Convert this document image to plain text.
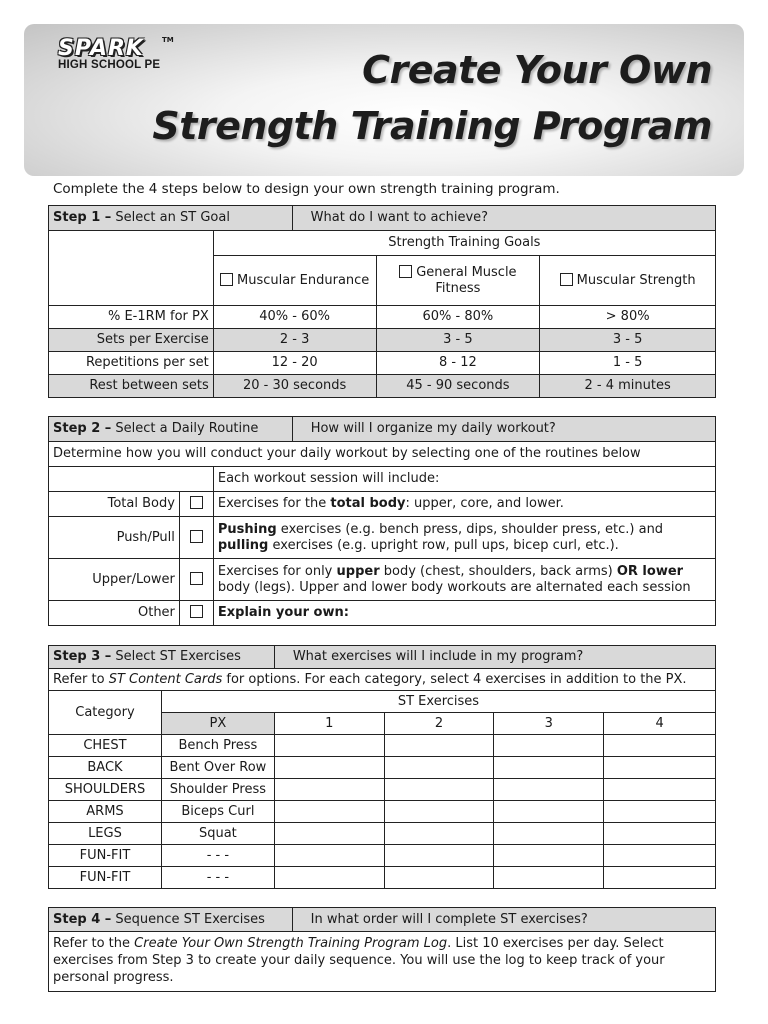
SPARK	TM
HIGH SCHOOL PE	Create Your Own
Strength Training Program
Complete the 4 steps below to design your own strength training program.
Step 1 – Select an ST Goal		What do I want to achieve?		
	Strength Training Goals			
	Muscular Endurance		General Muscle Fitness	Muscular Strength
% E-1RM for PX	40% - 60%		60% - 80%	> 80%
Sets per Exercise	2 - 3		3 - 5	3 - 5
Repetitions per set	12 - 20		8 - 12	1 - 5
Rest between sets	20 - 30 seconds		45 - 90 seconds	2 - 4 minutes
Step 2 – Select a Daily Routine			How will I organize my daily workout?
Determine how you will conduct your daily workout by selecting one of the routines below			
		Each workout session will include:	
Total Body		Exercises for the total body: upper, core, and lower.	
Push/Pull		Pushing exercises (e.g. bench press, dips, shoulder press, etc.) and pulling exercises (e.g. upright row, pull ups, bicep curl, etc.).	
Upper/Lower		Exercises for only upper body (chest, shoulders, back arms) OR lower body (legs). Upper and lower body workouts are alternated each session	
Other		Explain your own:	
Step 3 – Select ST Exercises		What exercises will I include in my program?			
Refer to ST Content Cards for options. For each category, select 4 exercises in addition to the PX.					
Category	ST Exercises				
	PX	1	2	3	4
CHEST	Bench Press				
BACK	Bent Over Row				
SHOULDERS	Shoulder Press				
ARMS	Biceps Curl				
LEGS	Squat				
FUN-FIT	- - -				
FUN-FIT	- - -				
Step 4 – Sequence ST Exercises	In what order will I complete ST exercises?
Refer to the Create Your Own Strength Training Program Log. List 10 exercises per day. Select exercises from Step 3 to create your daily sequence. You will use the log to keep track of your personal progress.
